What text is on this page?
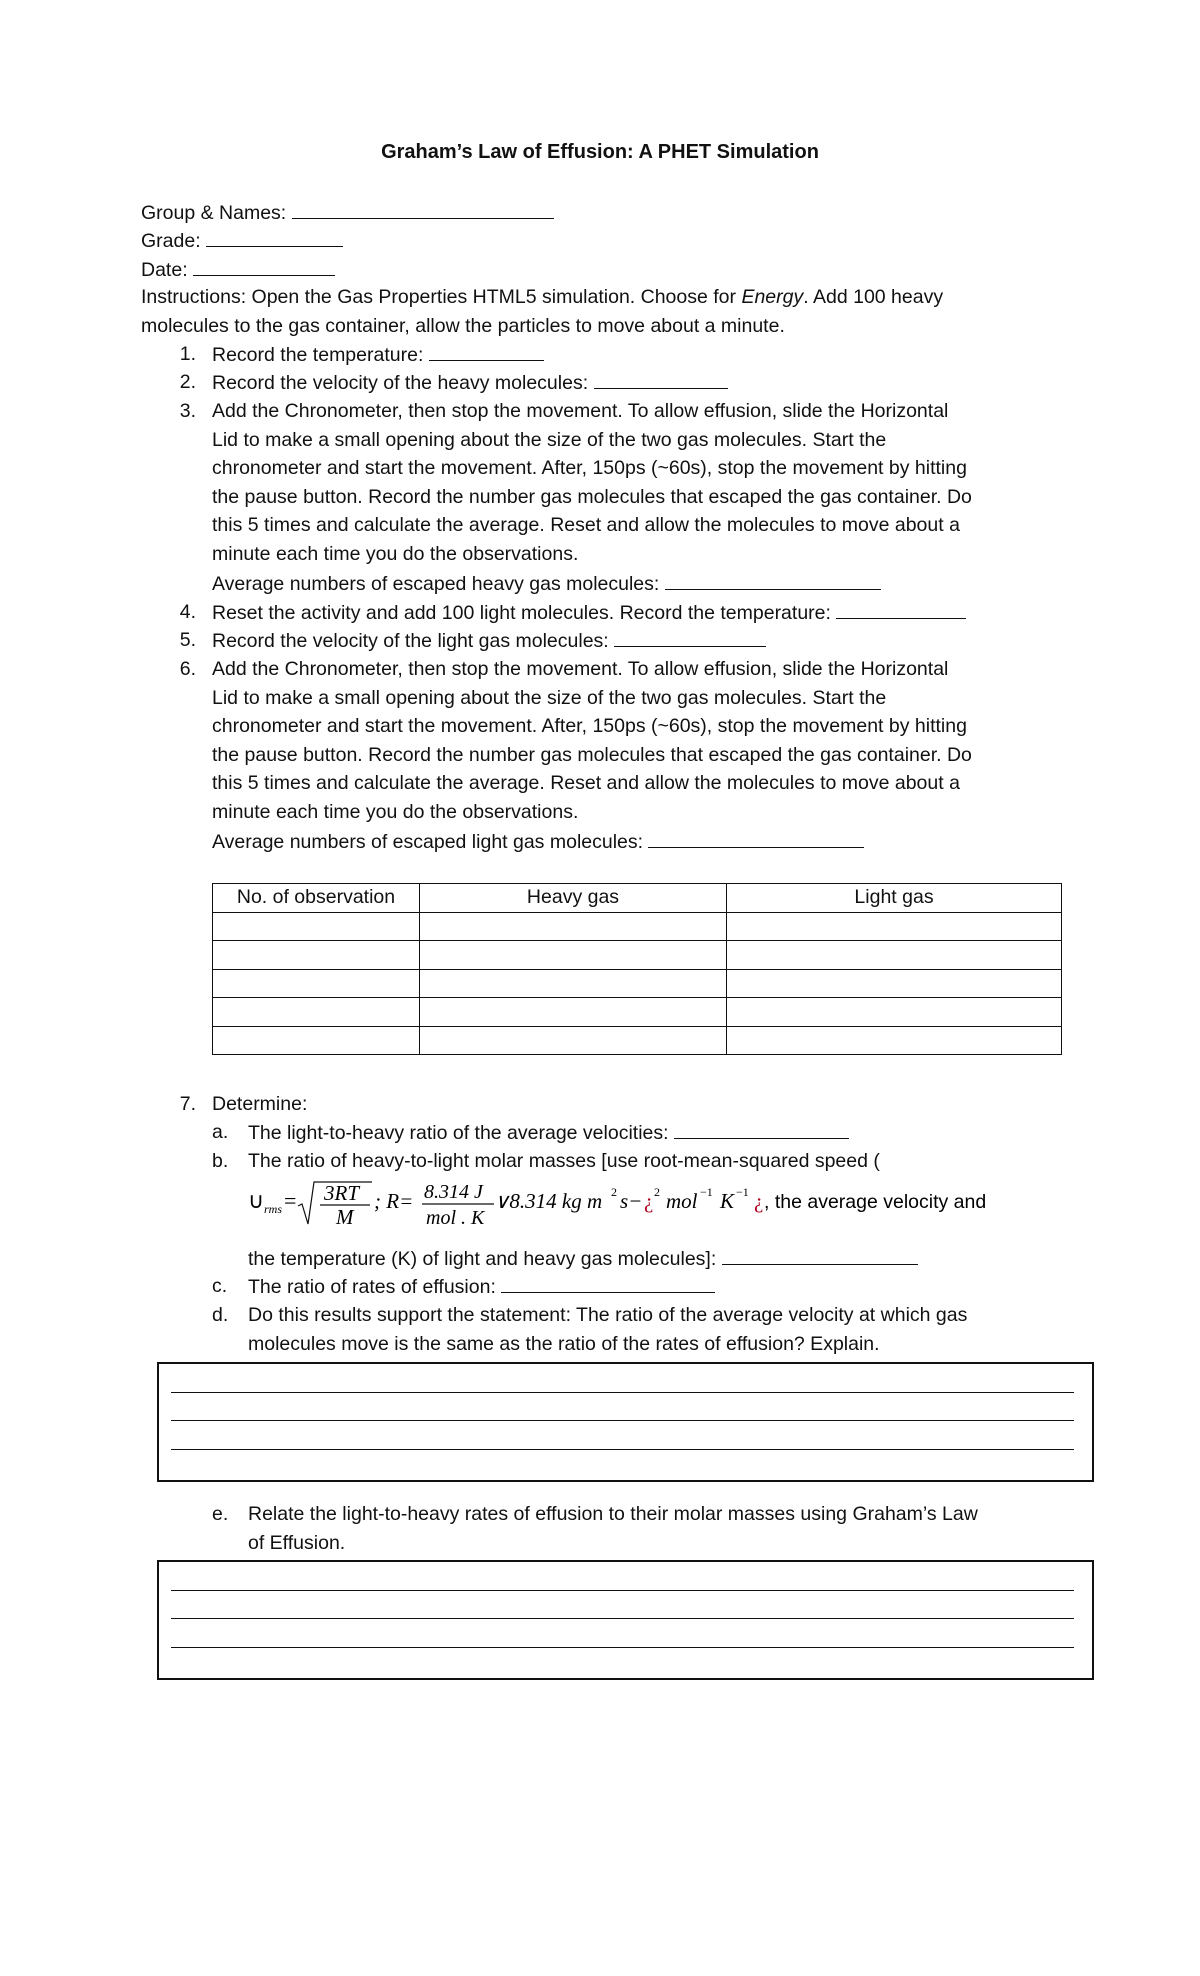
Graham’s Law of Effusion: A PHET Simulation
Group & Names:
Grade:
Date:
Instructions: Open the Gas Properties HTML5 simulation. Choose for Energy. Add 100 heavy
molecules to the gas container, allow the particles to move about a minute.
1. Record the temperature:
2. Record the velocity of the heavy molecules:
3. Add the Chronometer, then stop the movement. To allow effusion, slide the Horizontal
Lid to make a small opening about the size of the two gas molecules. Start the
chronometer and start the movement. After, 150ps (~60s), stop the movement by hitting
the pause button. Record the number gas molecules that escaped the gas container. Do
this 5 times and calculate the average. Reset and allow the molecules to move about a
minute each time you do the observations.
Average numbers of escaped heavy gas molecules:
4. Reset the activity and add 100 light molecules. Record the temperature:
5. Record the velocity of the light gas molecules:
6. Add the Chronometer, then stop the movement. To allow effusion, slide the Horizontal
Lid to make a small opening about the size of the two gas molecules. Start the
chronometer and start the movement. After, 150ps (~60s), stop the movement by hitting
the pause button. Record the number gas molecules that escaped the gas container. Do
this 5 times and calculate the average. Reset and allow the molecules to move about a
minute each time you do the observations.
Average numbers of escaped light gas molecules:
No. of observation	Heavy gas	Light gas

7. Determine:
a.	The light-to-heavy ratio of the average velocities:
b.	The ratio of heavy-to-light molar masses [use root-mean-squared speed (
∪ rms = 3RT
M
; R= 8.314 J
mol . K
∨8.314 kg m 2 s− ¿ 2 mol −1 K −1 ¿ , the average velocity and
the temperature (K) of light and heavy gas molecules]:
c.	The ratio of rates of effusion:
d.	Do this results support the statement: The ratio of the average velocity at which gas
molecules move is the same as the ratio of the rates of effusion? Explain.
e.	Relate the light-to-heavy rates of effusion to their molar masses using Graham’s Law
of Effusion.
